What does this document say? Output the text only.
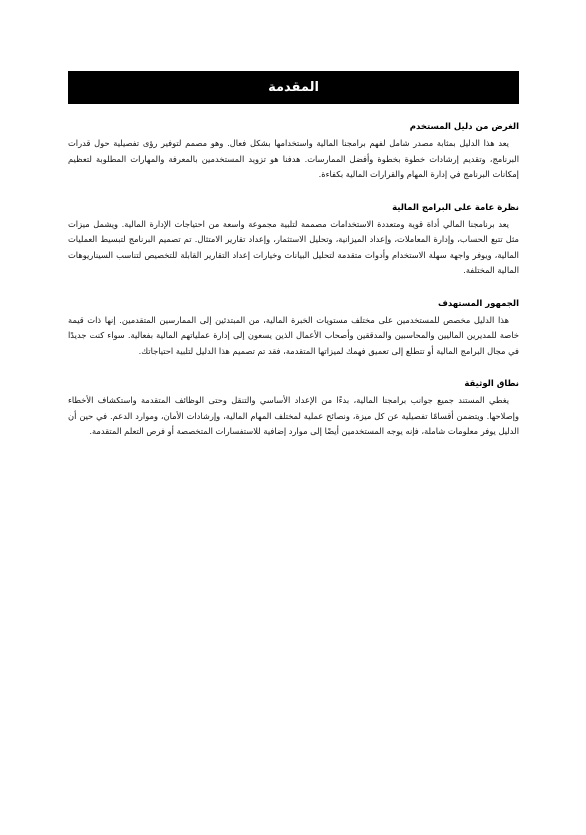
المقدمة

الغرض من دليل المستخدم

يعد هذا الدليل بمثابة مصدر شامل لفهم برامجنا المالية واستخدامها بشكل فعال. وهو مصمم لتوفير رؤى تفصيلية حول قدرات البرنامج، وتقديم إرشادات خطوة بخطوة وأفضل الممارسات. هدفنا هو تزويد المستخدمين بالمعرفة والمهارات المطلوبة لتعظيم إمكانات البرنامج في إدارة المهام والقرارات المالية بكفاءة.

نظرة عامة على البرامج المالية

يعد برنامجنا المالي أداة قوية ومتعددة الاستخدامات مصممة لتلبية مجموعة واسعة من احتياجات الإدارة المالية. ويشمل ميزات مثل تتبع الحساب، وإدارة المعاملات، وإعداد الميزانية، وتحليل الاستثمار، وإعداد تقارير الامتثال. تم تصميم البرنامج لتبسيط العمليات المالية، ويوفر واجهة سهلة الاستخدام وأدوات متقدمة لتحليل البيانات وخيارات إعداد التقارير القابلة للتخصيص لتناسب السيناريوهات المالية المختلفة.

الجمهور المستهدف

هذا الدليل مخصص للمستخدمين على مختلف مستويات الخبرة المالية، من المبتدئين إلى الممارسين المتقدمين. إنها ذات قيمة خاصة للمديرين الماليين والمحاسبين والمدققين وأصحاب الأعمال الذين يسعون إلى إدارة عملياتهم المالية بفعالية. سواء كنت جديدًا في مجال البرامج المالية أو تتطلع إلى تعميق فهمك لميزاتها المتقدمة، فقد تم تصميم هذا الدليل لتلبية احتياجاتك.

نطاق الوثيقة

يغطي المستند جميع جوانب برامجنا المالية، بدءًا من الإعداد الأساسي والتنقل وحتى الوظائف المتقدمة واستكشاف الأخطاء وإصلاحها. ويتضمن أقسامًا تفصيلية عن كل ميزة، ونصائح عملية لمختلف المهام المالية، وإرشادات الأمان، وموارد الدعم. في حين أن الدليل يوفر معلومات شاملة، فإنه يوجه المستخدمين أيضًا إلى موارد إضافية للاستفسارات المتخصصة أو فرص التعلم المتقدمة.
